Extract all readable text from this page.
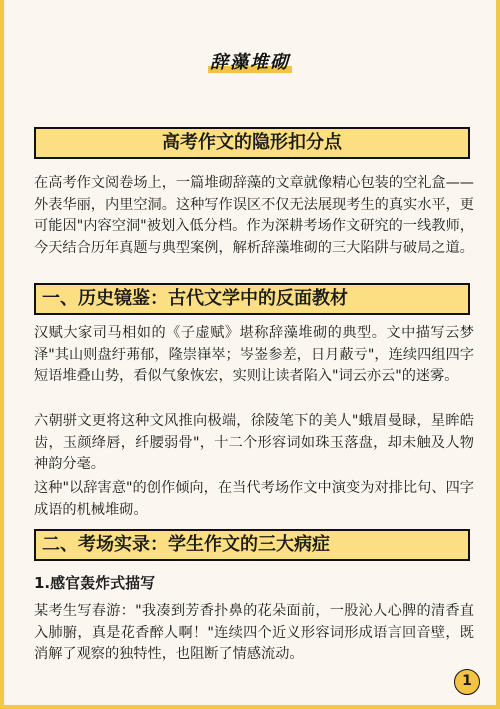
辞藻堆砌
高考作文的隐形扣分点

在高考作文阅卷场上，一篇堆砌辞藻的文章就像精心包装的空礼盒——外表华丽，内里空洞。这种写作误区不仅无法展现考生的真实水平，更可能因"内容空洞"被划入低分档。作为深耕考场作文研究的一线教师，今天结合历年真题与典型案例，解析辞藻堆砌的三大陷阱与破局之道。

一、历史镜鉴：古代文学中的反面教材

汉赋大家司马相如的《子虚赋》堪称辞藻堆砌的典型。文中描写云梦泽"其山则盘纡茀郁，隆崇嵂崒；岑崟参差，日月蔽亏"，连续四组四字短语堆叠山势，看似气象恢宏，实则让读者陷入"词云亦云"的迷雾。

六朝骈文更将这种文风推向极端，徐陵笔下的美人"蛾眉曼睩，星眸皓齿，玉颜绛唇，纤腰弱骨"，十二个形容词如珠玉落盘，却未触及人物神韵分毫。

这种"以辞害意"的创作倾向，在当代考场作文中演变为对排比句、四字成语的机械堆砌。

二、考场实录：学生作文的三大病症
1.感官轰炸式描写

某考生写春游："我凑到芳香扑鼻的花朵面前，一股沁人心脾的清香直入肺腑，真是花香醉人啊！"连续四个近义形容词形成语言回音壁，既消解了观察的独特性，也阻断了情感流动。

1
